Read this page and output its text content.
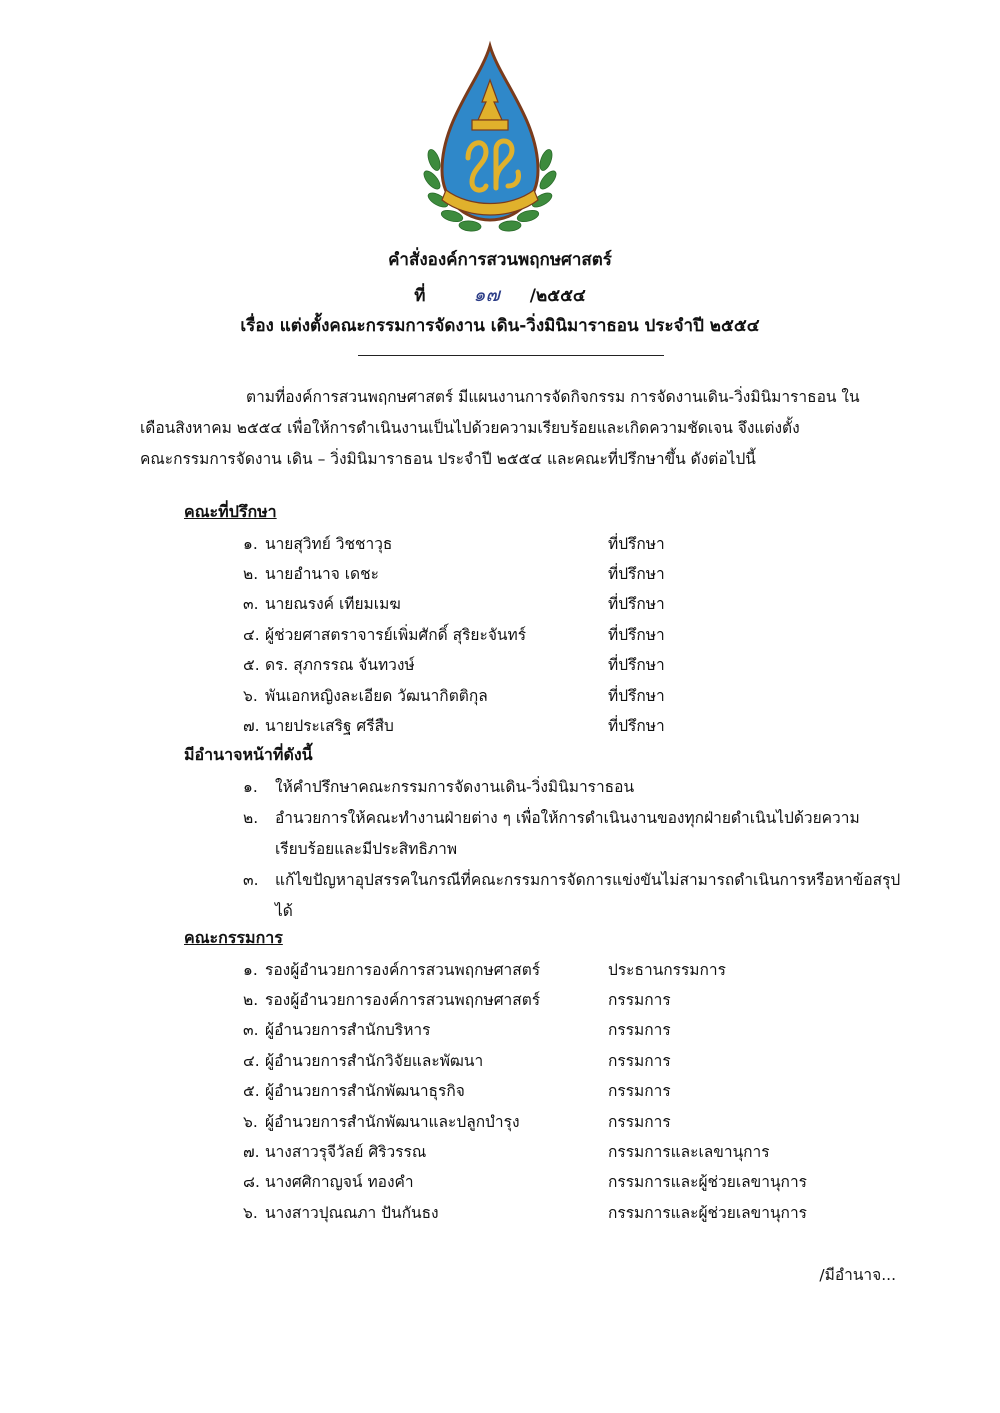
คำสั่งองค์การสวนพฤกษศาสตร์
ที่	๑๗ /๒๕๕๔
เรื่อง แต่งตั้งคณะกรรมการจัดงาน เดิน-วิ่งมินิมาราธอน ประจำปี ๒๕๕๔
ตามที่องค์การสวนพฤกษศาสตร์ มีแผนงานการจัดกิจกรรม การจัดงานเดิน-วิ่งมินิมาราธอน ใน
เดือนสิงหาคม ๒๕๕๔ เพื่อให้การดำเนินงานเป็นไปด้วยความเรียบร้อยและเกิดความชัดเจน จึงแต่งตั้ง
คณะกรรมการจัดงาน เดิน – วิ่งมินิมาราธอน ประจำปี ๒๕๕๔ และคณะที่ปรึกษาขึ้น ดังต่อไปนี้
คณะที่ปรึกษา
๑. นายสุวิทย์ วิชชาวุธ	ที่ปรึกษา
๒. นายอำนาจ เดชะ	ที่ปรึกษา
๓. นายณรงค์ เทียมเมฆ	ที่ปรึกษา
๔. ผู้ช่วยศาสตราจารย์เพิ่มศักดิ์ สุริยะจันทร์	ที่ปรึกษา
๕. ดร. สุภกรรณ จันทวงษ์	ที่ปรึกษา
๖. พันเอกหญิงละเอียด วัฒนากิตติกุล	ที่ปรึกษา
๗. นายประเสริฐ ศรีสืบ	ที่ปรึกษา
มีอำนาจหน้าที่ดังนี้
๑.	ให้คำปรึกษาคณะกรรมการจัดงานเดิน-วิ่งมินิมาราธอน
๒.	อำนวยการให้คณะทำงานฝ่ายต่าง ๆ เพื่อให้การดำเนินงานของทุกฝ่ายดำเนินไปด้วยความเรียบร้อยและมีประสิทธิภาพ
๓.	แก้ไขปัญหาอุปสรรคในกรณีที่คณะกรรมการจัดการแข่งขันไม่สามารถดำเนินการหรือหาข้อสรุปได้
คณะกรรมการ
๑. รองผู้อำนวยการองค์การสวนพฤกษศาสตร์	ประธานกรรมการ
๒. รองผู้อำนวยการองค์การสวนพฤกษศาสตร์	กรรมการ
๓. ผู้อำนวยการสำนักบริหาร	กรรมการ
๔. ผู้อำนวยการสำนักวิจัยและพัฒนา	กรรมการ
๕. ผู้อำนวยการสำนักพัฒนาธุรกิจ	กรรมการ
๖. ผู้อำนวยการสำนักพัฒนาและปลูกบำรุง	กรรมการ
๗. นางสาวรุจีวัลย์ ศิริวรรณ	กรรมการและเลขานุการ
๘. นางศศิกาญจน์ ทองคำ	กรรมการและผู้ช่วยเลขานุการ
๖. นางสาวปุณณภา ปันกันธง	กรรมการและผู้ช่วยเลขานุการ
/มีอำนาจ...
